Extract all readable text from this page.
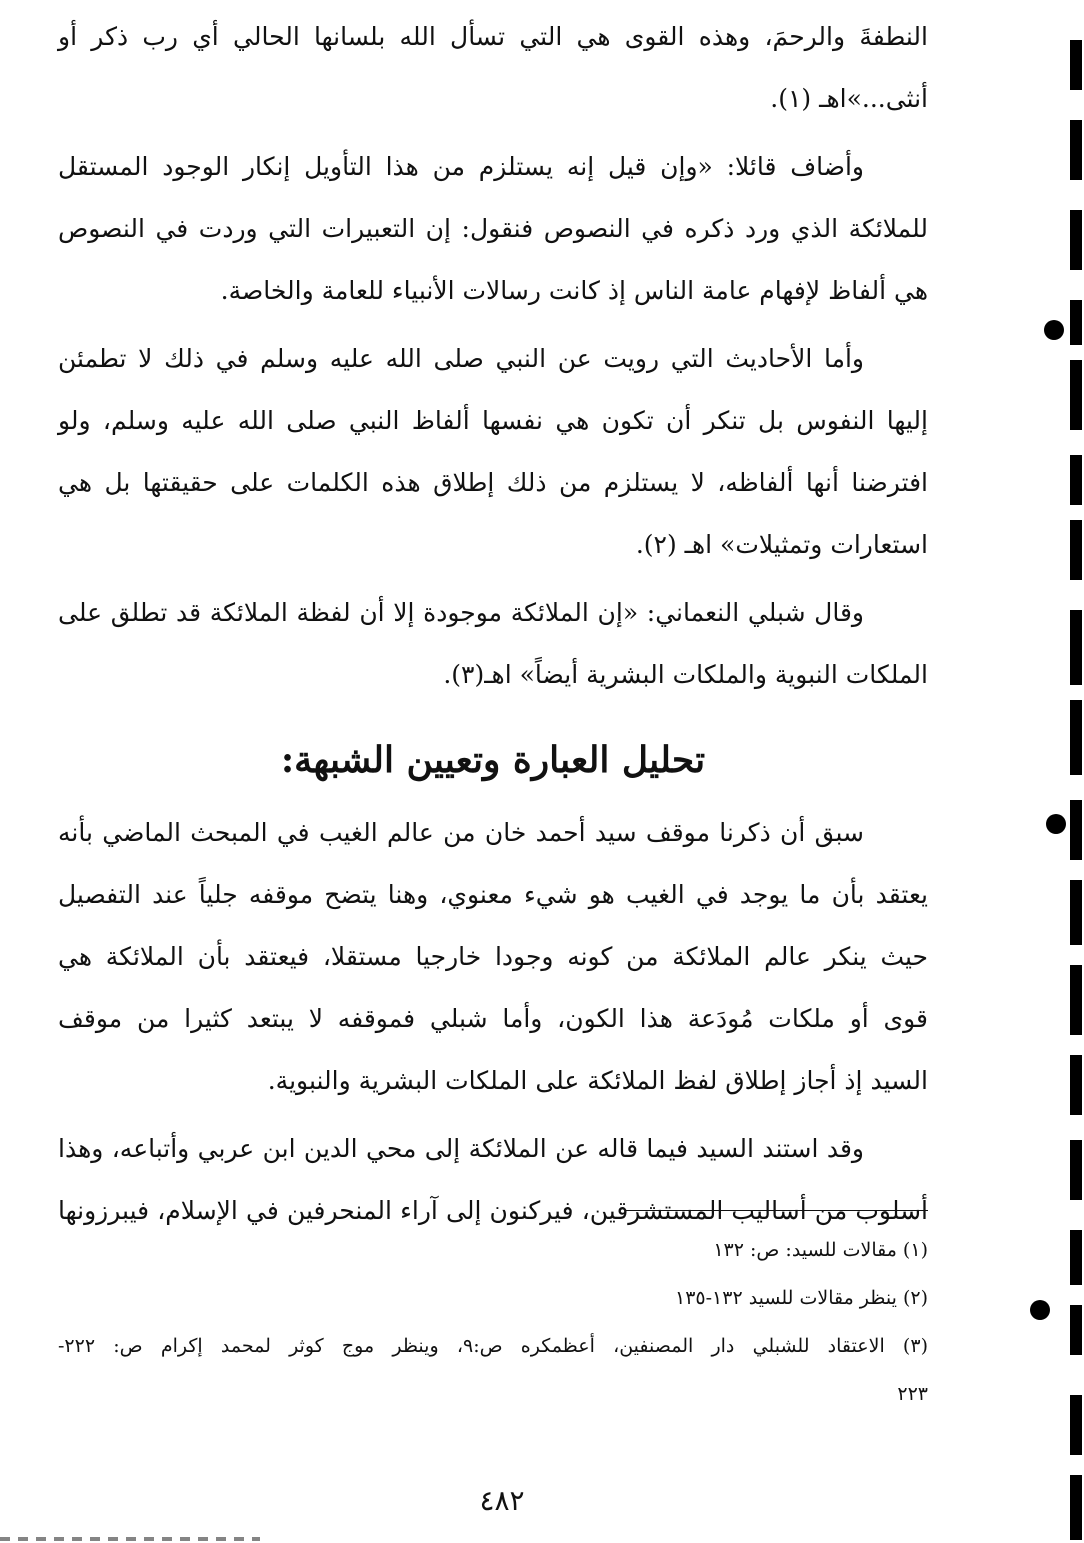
النطفةَ والرحمَ، وهذه القوى هي التي تسأل الله بلسانها الحالي أي رب ذكر أو
أنثى...»اهـ (١).
وأضاف قائلا: «وإن قيل إنه يستلزم من هذا التأويل إنكار الوجود المستقل
للملائكة الذي ورد ذكره في النصوص فنقول: إن التعبيرات التي وردت في النصوص
هي ألفاظ لإفهام عامة الناس إذ كانت رسالات الأنبياء للعامة والخاصة.
وأما الأحاديث التي رويت عن النبي صلى الله عليه وسلم في ذلك لا تطمئن
إليها النفوس بل تنكر أن تكون هي نفسها ألفاظ النبي صلى الله عليه وسلم، ولو
افترضنا أنها ألفاظه، لا يستلزم من ذلك إطلاق هذه الكلمات على حقيقتها بل هي
استعارات وتمثيلات» اهـ (٢).
وقال شبلي النعماني: «إن الملائكة موجودة إلا أن لفظة الملائكة قد تطلق على
الملكات النبوية والملكات البشرية أيضاً» اهـ(٣).
تحليل العبارة وتعيين الشبهة:
سبق أن ذكرنا موقف سيد أحمد خان من عالم الغيب في المبحث الماضي بأنه
يعتقد بأن ما يوجد في الغيب هو شيء معنوي، وهنا يتضح موقفه جلياً عند التفصيل
حيث ينكر عالم الملائكة من كونه وجودا خارجيا مستقلا، فيعتقد بأن الملائكة هي
قوى أو ملكات مُودَعة هذا الكون، وأما شبلي فموقفه لا يبتعد كثيرا من موقف
السيد إذ أجاز إطلاق لفظ الملائكة على الملكات البشرية والنبوية.
وقد استند السيد فيما قاله عن الملائكة إلى محي الدين ابن عربي وأتباعه، وهذا
أسلوب من أساليب المستشرقين، فيركنون إلى آراء المنحرفين في الإسلام، فيبرزونها
(١) مقالات للسيد: ص: ١٣٢
(٢) ينظر مقالات للسيد ١٣٢-١٣٥
(٣) الاعتقاد للشبلي دار المصنفين، أعظمكره ص:٩، وينظر موج كوثر لمحمد إكرام ص: ٢٢٢-
٢٢٣
٤٨٢
